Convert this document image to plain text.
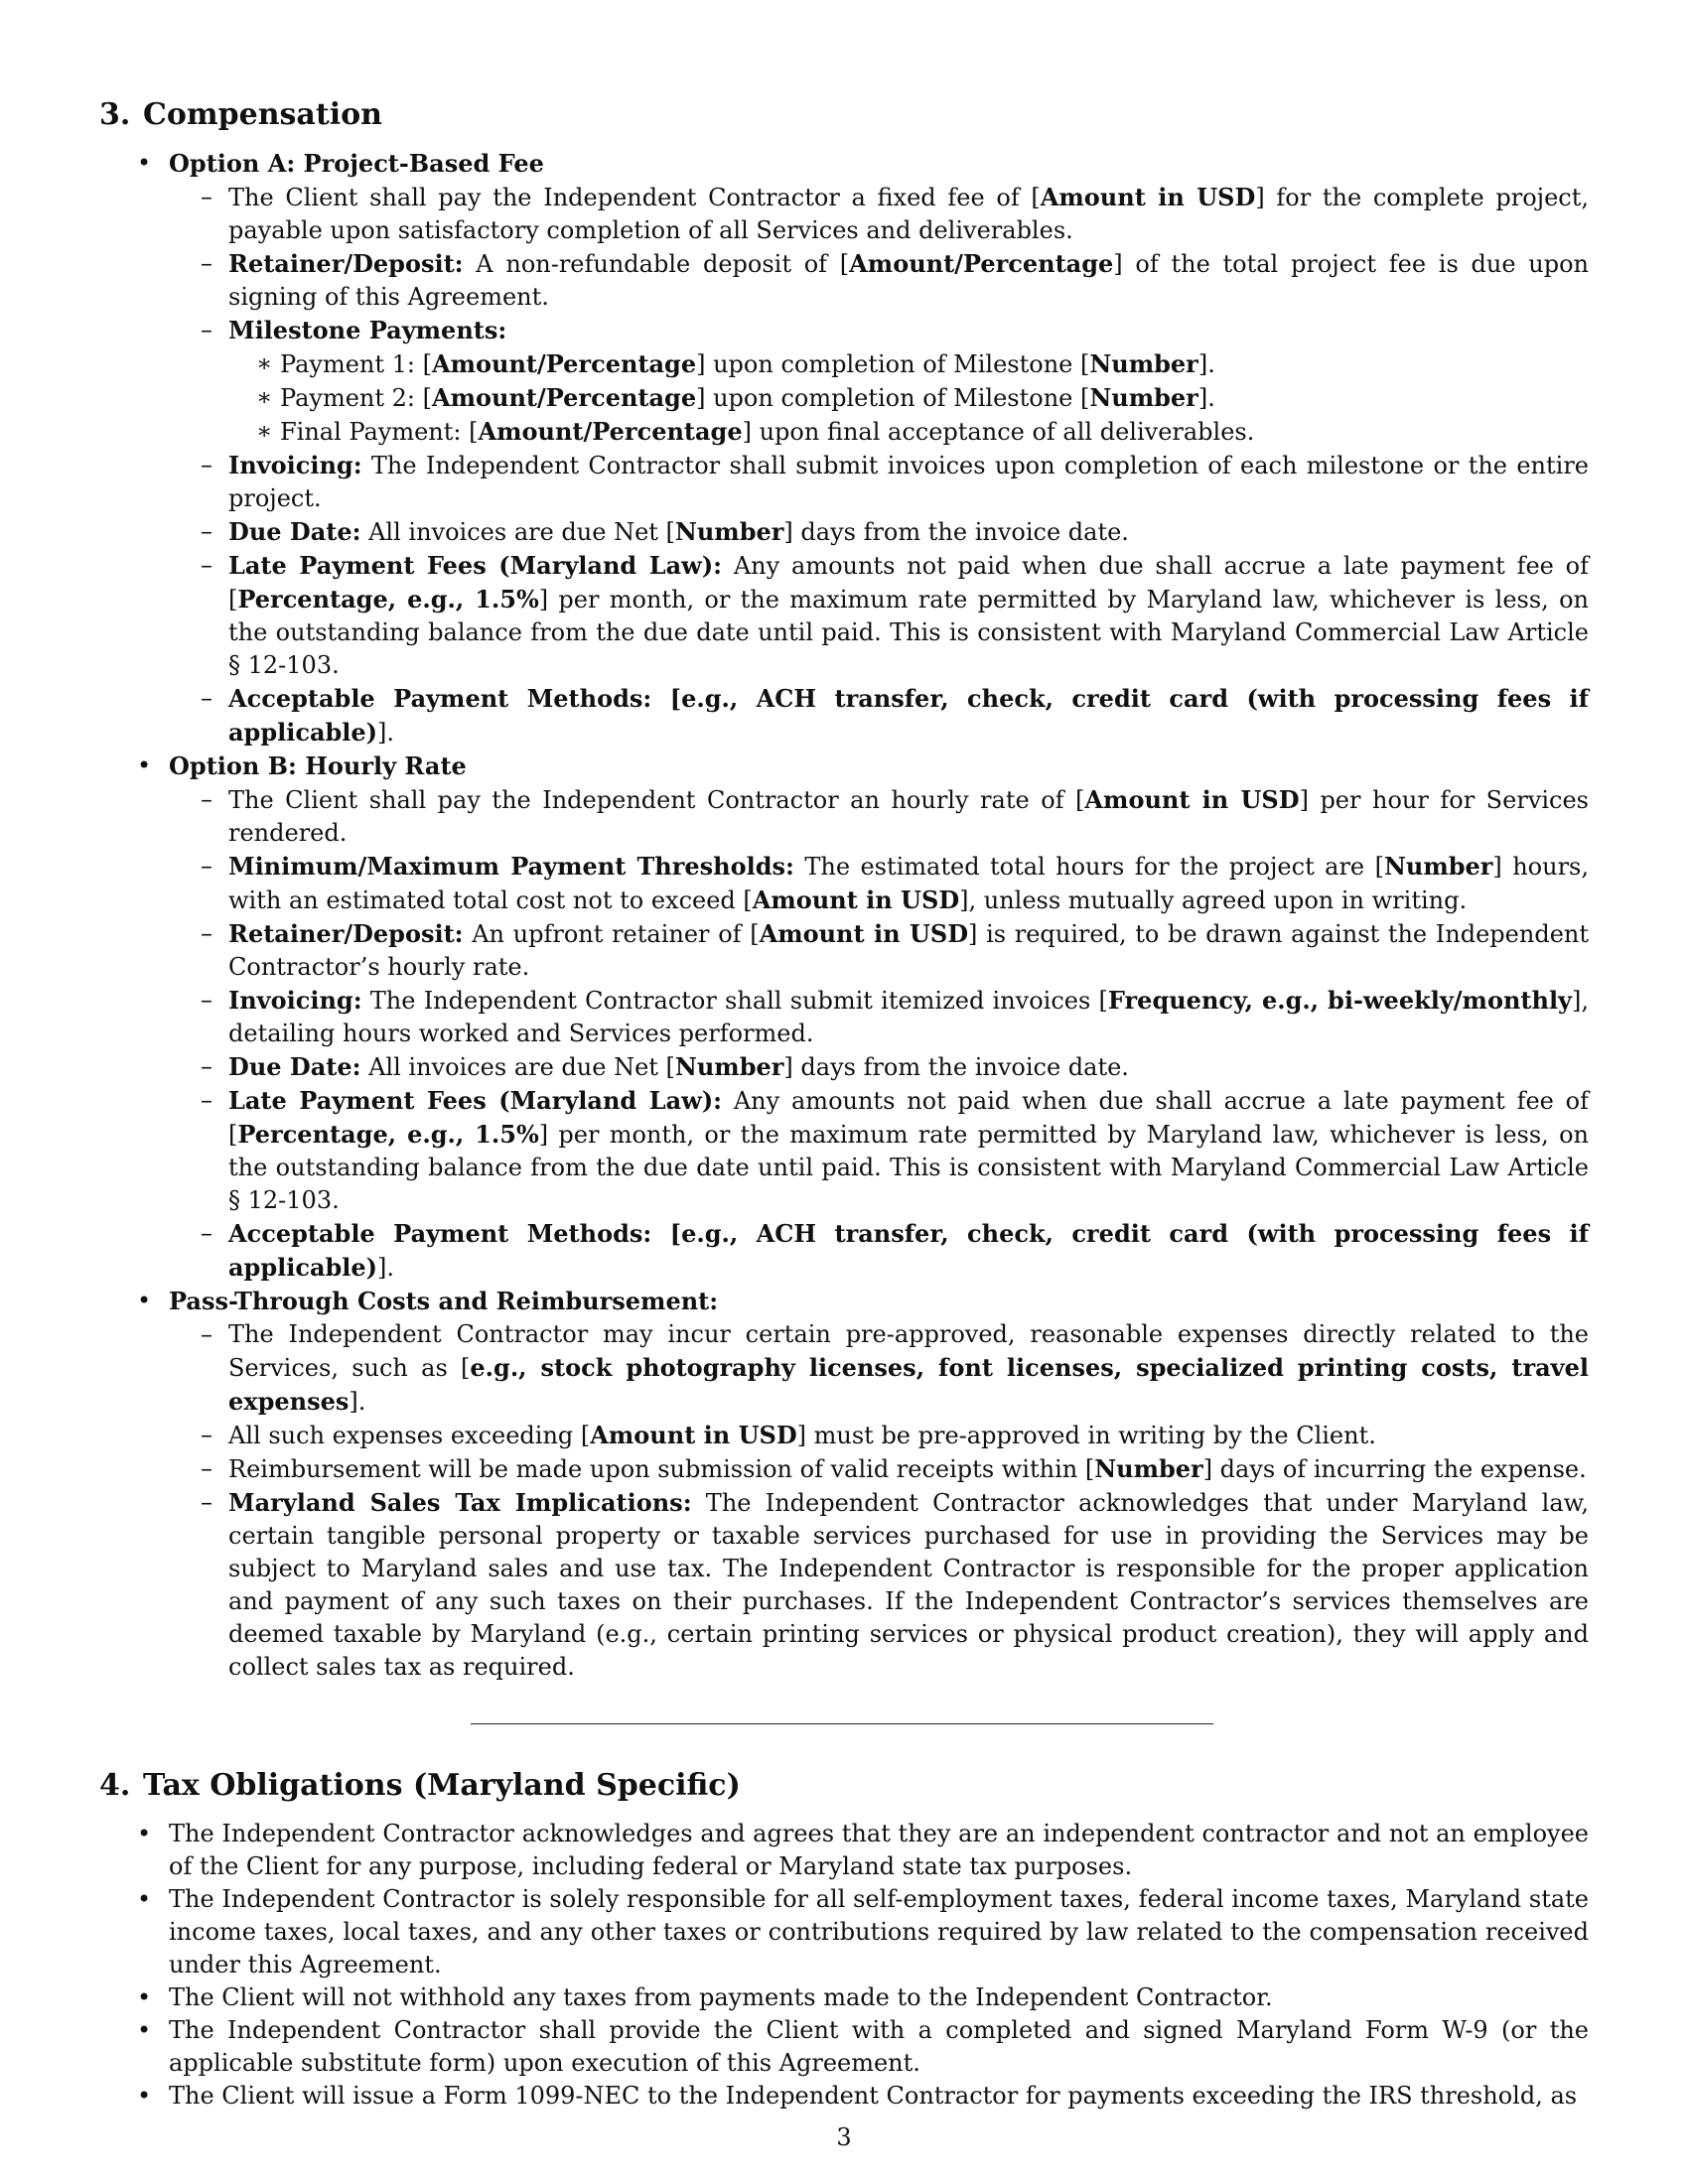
3. Compensation
• Option A: Project-Based Fee
– The Client shall pay the Independent Contractor a fixed fee of [Amount in USD] for the complete project, payable upon satisfactory completion of all Services and deliverables.
– Retainer/Deposit: A non-refundable deposit of [Amount/Percentage] of the total project fee is due upon signing of this Agreement.
– Milestone Payments:
∗ Payment 1: [Amount/Percentage] upon completion of Milestone [Number].
∗ Payment 2: [Amount/Percentage] upon completion of Milestone [Number].
∗ Final Payment: [Amount/Percentage] upon final acceptance of all deliverables.
– Invoicing: The Independent Contractor shall submit invoices upon completion of each milestone or the entire project.
– Due Date: All invoices are due Net [Number] days from the invoice date.
– Late Payment Fees (Maryland Law): Any amounts not paid when due shall accrue a late payment fee of [Percentage, e.g., 1.5%] per month, or the maximum rate permitted by Maryland law, whichever is less, on the outstanding balance from the due date until paid. This is consistent with Maryland Commercial Law Article § 12-103.
– Acceptable Payment Methods: [e.g., ACH transfer, check, credit card (with processing fees if applicable)].
• Option B: Hourly Rate
– The Client shall pay the Independent Contractor an hourly rate of [Amount in USD] per hour for Services rendered.
– Minimum/Maximum Payment Thresholds: The estimated total hours for the project are [Number] hours, with an estimated total cost not to exceed [Amount in USD], unless mutually agreed upon in writing.
– Retainer/Deposit: An upfront retainer of [Amount in USD] is required, to be drawn against the Independent Contractor’s hourly rate.
– Invoicing: The Independent Contractor shall submit itemized invoices [Frequency, e.g., bi-weekly/monthly], detailing hours worked and Services performed.
– Due Date: All invoices are due Net [Number] days from the invoice date.
– Late Payment Fees (Maryland Law): Any amounts not paid when due shall accrue a late payment fee of [Percentage, e.g., 1.5%] per month, or the maximum rate permitted by Maryland law, whichever is less, on the outstanding balance from the due date until paid. This is consistent with Maryland Commercial Law Article § 12-103.
– Acceptable Payment Methods: [e.g., ACH transfer, check, credit card (with processing fees if applicable)].
• Pass-Through Costs and Reimbursement:
– The Independent Contractor may incur certain pre-approved, reasonable expenses directly related to the Services, such as [e.g., stock photography licenses, font licenses, specialized printing costs, travel expenses].
– All such expenses exceeding [Amount in USD] must be pre-approved in writing by the Client.
– Reimbursement will be made upon submission of valid receipts within [Number] days of incurring the expense.
– Maryland Sales Tax Implications: The Independent Contractor acknowledges that under Maryland law, certain tangible personal property or taxable services purchased for use in providing the Services may be subject to Maryland sales and use tax. The Independent Contractor is responsible for the proper application and payment of any such taxes on their purchases. If the Independent Contractor’s services themselves are deemed taxable by Maryland (e.g., certain printing services or physical product creation), they will apply and collect sales tax as required.
4. Tax Obligations (Maryland Specific)
• The Independent Contractor acknowledges and agrees that they are an independent contractor and not an employee of the Client for any purpose, including federal or Maryland state tax purposes.
• The Independent Contractor is solely responsible for all self-employment taxes, federal income taxes, Maryland state income taxes, local taxes, and any other taxes or contributions required by law related to the compensation received under this Agreement.
• The Client will not withhold any taxes from payments made to the Independent Contractor.
• The Independent Contractor shall provide the Client with a completed and signed Maryland Form W-9 (or the applicable substitute form) upon execution of this Agreement.
• The Client will issue a Form 1099-NEC to the Independent Contractor for payments exceeding the IRS threshold, as
3
